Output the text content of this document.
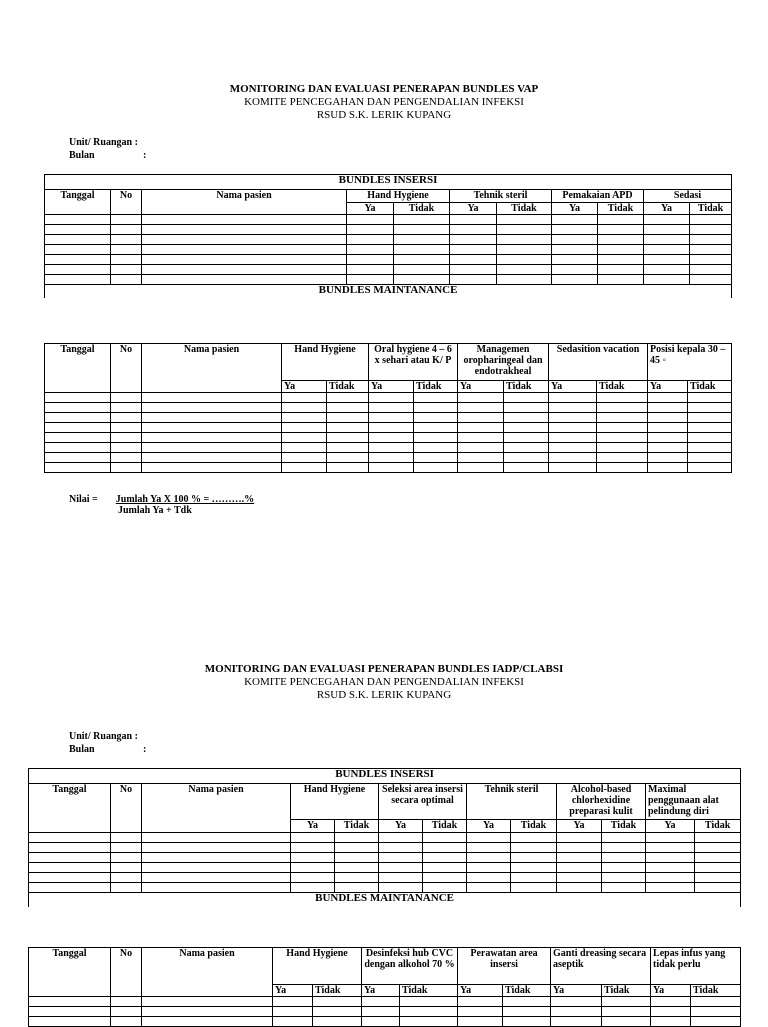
MONITORING DAN EVALUASI PENERAPAN BUNDLES VAP
KOMITE PENCEGAHAN DAN PENGENDALIAN INFEKSI
RSUD S.K. LERIK KUPANG
Unit/ Ruangan :
Bulan	:
BUNDLES INSERSI										
Tanggal	No	Nama pasien	Hand Hygiene		Tehnik steril		Pemakaian APD		Sedasi	
			Ya	Tidak	Ya	Tidak	Ya	Tidak	Ya	Tidak

BUNDLES MAINTANANCE										
Tanggal	No	Nama pasien	Hand Hygiene		Oral hygiene 4 – 6 x sehari atau K/ P		Managemen oropharingeal dan endotrakheal		Sedasition vacation		Posisi kepala 30 – 45 ◦	
			Ya	Tidak	Ya	Tidak	Ya	Tidak	Ya	Tidak	Ya	Tidak

Nilai = Jumlah Ya X 100 % = ……….%
Jumlah Ya + Tdk
MONITORING DAN EVALUASI PENERAPAN BUNDLES IADP/CLABSI
KOMITE PENCEGAHAN DAN PENGENDALIAN INFEKSI
RSUD S.K. LERIK KUPANG
Unit/ Ruangan :
Bulan	:
BUNDLES INSERSI												
Tanggal	No	Nama pasien	Hand Hygiene		Seleksi area insersi secara optimal		Tehnik steril		Alcohol-based chlorhexidine preparasi kulit		Maximal penggunaan alat pelindung diri	
			Ya	Tidak	Ya	Tidak	Ya	Tidak	Ya	Tidak	Ya	Tidak

BUNDLES MAINTANANCE												
Tanggal	No	Nama pasien	Hand Hygiene		Desinfeksi hub CVC dengan alkohol 70 %		Perawatan area insersi		Ganti dreasing secara aseptik		Lepas infus yang tidak perlu	
			Ya	Tidak	Ya	Tidak	Ya	Tidak	Ya	Tidak	Ya	Tidak
